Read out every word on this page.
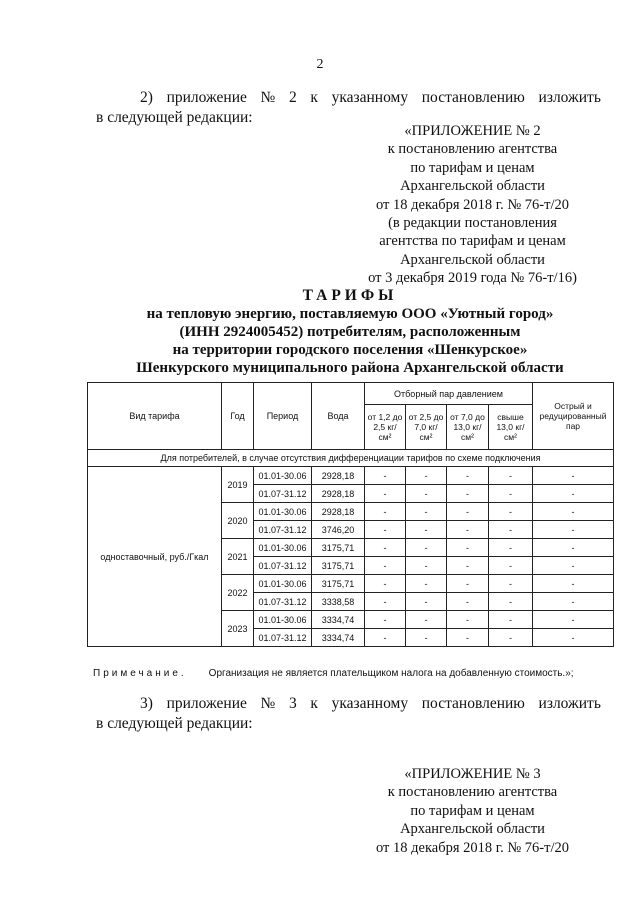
2
2) приложение № 2 к указанному постановлению изложить
в следующей редакции:
«ПРИЛОЖЕНИЕ № 2
к постановлению агентства
по тарифам и ценам
Архангельской области
от 18 декабря 2018 г. № 76-т/20
(в редакции постановления
агентства по тарифам и ценам
Архангельской области
от 3 декабря 2019 года № 76-т/16)
ТАРИФЫ
на тепловую энергию, поставляемую ООО «Уютный город»
(ИНН 2924005452) потребителям, расположенным
на территории городского поселения «Шенкурское»
Шенкурского муниципального района Архангельской области
Вид тарифа	Год	Период	Вода	Отборный пар давлением				Острый и редуцированный пар
				от 1,2 до 2,5 кг/см²	от 2,5 до 7,0 кг/см²	от 7,0 до 13,0 кг/см²	свыше 13,0 кг/см²	
Для потребителей, в случае отсутствия дифференциации тарифов по схеме подключения								
одноставочный, руб./Гкал	2019	01.01-30.06	2928,18	-	-	-	-	-
		01.07-31.12	2928,18	-	-	-	-	-
	2020	01.01-30.06	2928,18	-	-	-	-	-
		01.07-31.12	3746,20	-	-	-	-	-
	2021	01.01-30.06	3175,71	-	-	-	-	-
		01.07-31.12	3175,71	-	-	-	-	-
	2022	01.01-30.06	3175,71	-	-	-	-	-
		01.07-31.12	3338,58	-	-	-	-	-
	2023	01.01-30.06	3334,74	-	-	-	-	-
		01.07-31.12	3334,74	-	-	-	-	-
Примечание. Организация не является плательщиком налога на добавленную стоимость.»;
3) приложение № 3 к указанному постановлению изложить
в следующей редакции:
«ПРИЛОЖЕНИЕ № 3
к постановлению агентства
по тарифам и ценам
Архангельской области
от 18 декабря 2018 г. № 76-т/20
